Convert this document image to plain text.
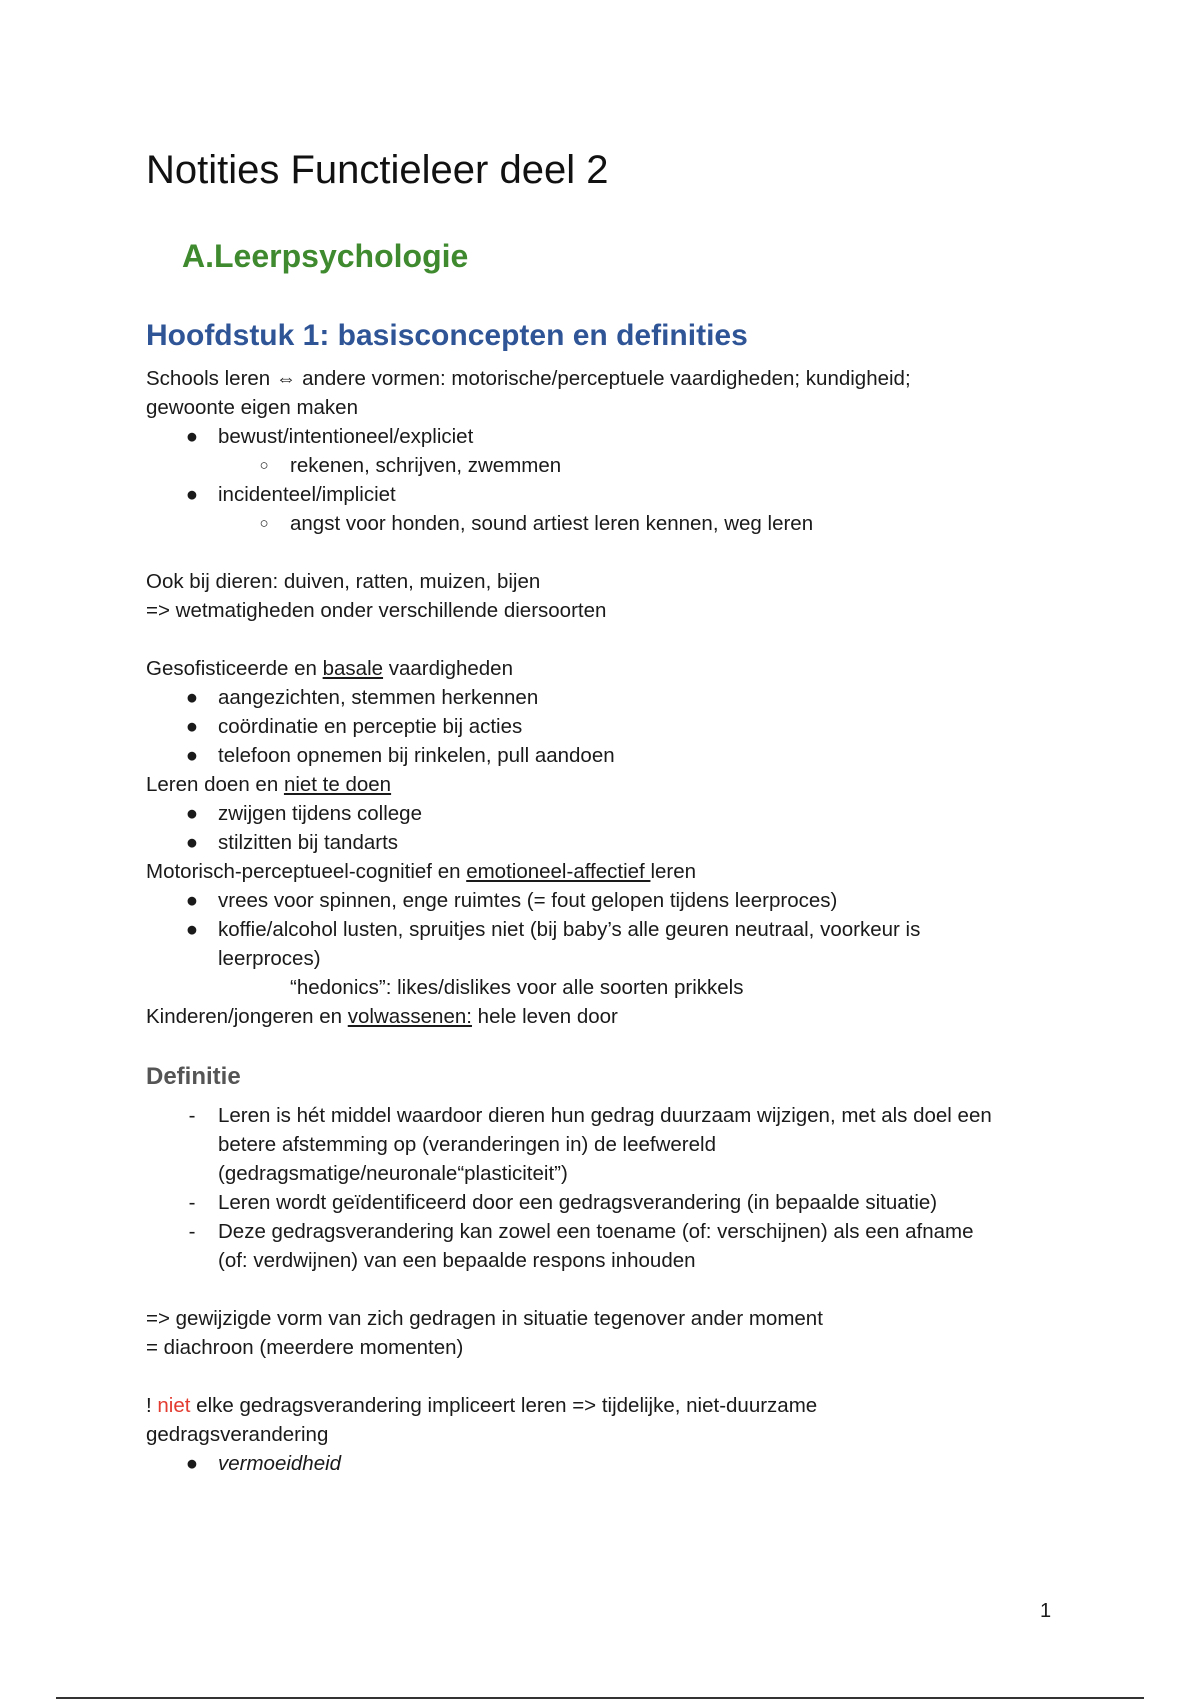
Notities Functieleer deel 2
A.Leerpsychologie
Hoofdstuk 1: basisconcepten en definities

Schools leren ⇔ andere vormen: motorische/perceptuele vaardigheden; kundigheid;

gewoonte eigen maken

● bewust/intentioneel/expliciet
○ rekenen, schrijven, zwemmen
● incidenteel/impliciet
○ angst voor honden, sound artiest leren kennen, weg leren

Ook bij dieren: duiven, ratten, muizen, bijen

=> wetmatigheden onder verschillende diersoorten

Gesofisticeerde en basale vaardigheden

● aangezichten, stemmen herkennen
● coördinatie en perceptie bij acties
● telefoon opnemen bij rinkelen, pull aandoen

Leren doen en niet te doen

● zwijgen tijdens college
● stilzitten bij tandarts

Motorisch-perceptueel-cognitief en emotioneel-affectief leren

● vrees voor spinnen, enge ruimtes (= fout gelopen tijdens leerproces)
● koffie/alcohol lusten, spruitjes niet (bij baby’s alle geuren neutraal, voorkeur is
leerproces)

“hedonics”: likes/dislikes voor alle soorten prikkels

Kinderen/jongeren en volwassenen: hele leven door

Definitie
-	Leren is hét middel waardoor dieren hun gedrag duurzaam wijzigen, met als doel een
betere afstemming op (veranderingen in) de leefwereld
(gedragsmatige/neuronale“plasticiteit”)
-	Leren wordt geïdentificeerd door een gedragsverandering (in bepaalde situatie)
-	Deze gedragsverandering kan zowel een toename (of: verschijnen) als een afname
(of: verdwijnen) van een bepaalde respons inhouden

=> gewijzigde vorm van zich gedragen in situatie tegenover ander moment

= diachroon (meerdere momenten)

! niet elke gedragsverandering impliceert leren => tijdelijke, niet-duurzame

gedragsverandering

● vermoeidheid
1
